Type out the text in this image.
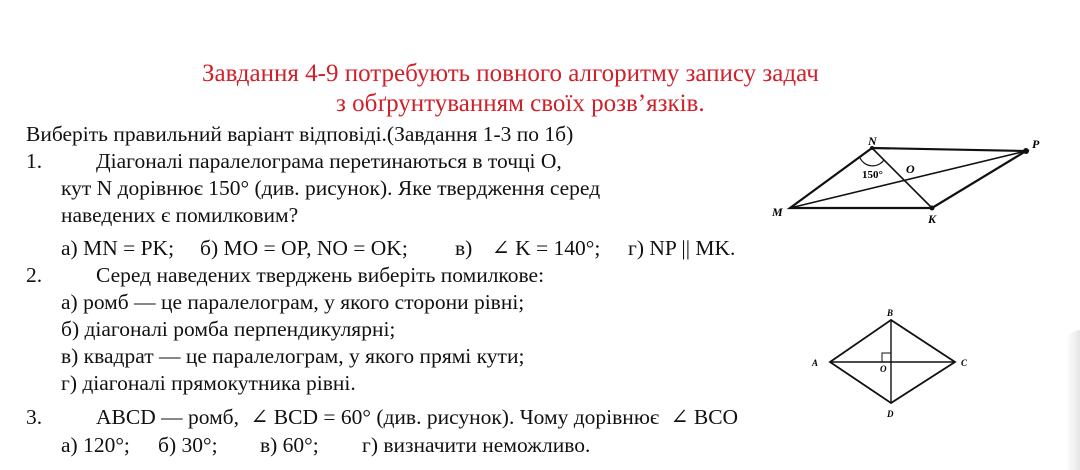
Завдання 4-9 потребують повного алгоритму запису задач
з обґрунтуванням своїх розв’язків.
Виберіть правильний варіант відповіді.(Завдання 1-3 по 1б)
1.	Діагоналі паралелограма перетинаються в точці O,
кут N дорівнює 150° (див. рисунок). Яке твердження серед
наведених є помилковим?
а) MN = PK; б) MO = OP, NO = OK; в) ∠ K = 140°; г) NP || MK.
N	P
M	K
O
150°
2.	Серед наведених тверджень виберіть помилкове:
а) ромб — це паралелограм, у якого сторони рівні;
б) діагоналі ромба перпендикулярні;
в) квадрат — це паралелограм, у якого прямі кути;
г) діагоналі прямокутника рівні.
B
A	C
D
O
3.	ABCD — ромб, ∠ BCD = 60° (див. рисунок). Чому дорівнює ∠ BCO
а) 120°; б) 30°; в) 60°; г) визначити неможливо.
